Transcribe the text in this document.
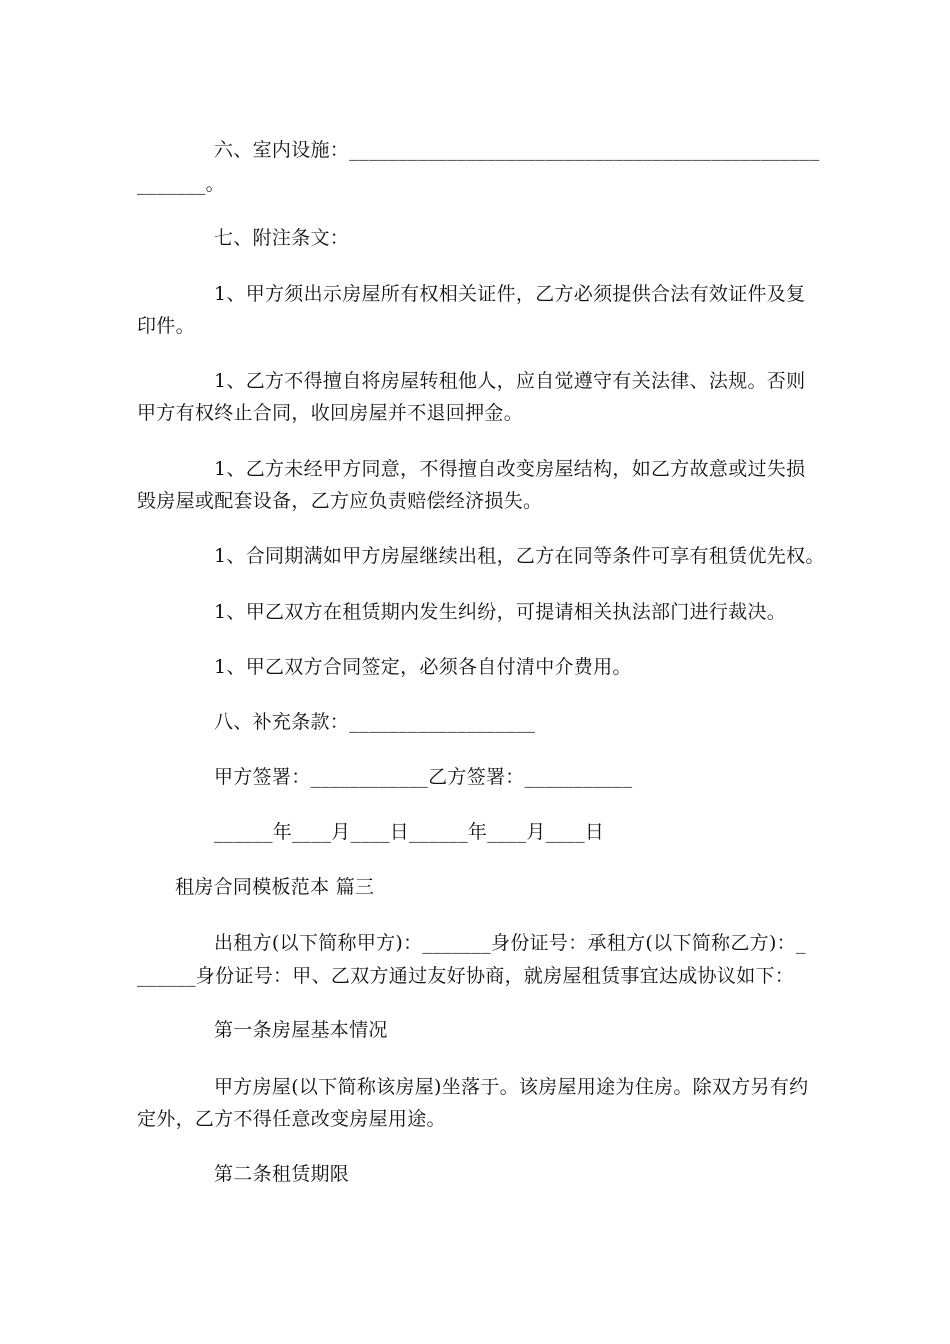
六、室内设施：________________________________________________
_______。
七、附注条文：
1、甲方须出示房屋所有权相关证件，乙方必须提供合法有效证件及复
印件。
1、乙方不得擅自将房屋转租他人，应自觉遵守有关法律、法规。否则
甲方有权终止合同，收回房屋并不退回押金。
1、乙方未经甲方同意，不得擅自改变房屋结构，如乙方故意或过失损
毁房屋或配套设备，乙方应负责赔偿经济损失。
1、合同期满如甲方房屋继续出租，乙方在同等条件可享有租赁优先权。
1、甲乙双方在租赁期内发生纠纷，可提请相关执法部门进行裁决。
1、甲乙双方合同签定，必须各自付清中介费用。
八、补充条款：___________________
甲方签署：____________乙方签署：___________
______年____月____日______年____月____日
租房合同模板范本 篇三
出租方(以下简称甲方)：_______身份证号：承租方(以下简称乙方)：_
______身份证号：甲、乙双方通过友好协商，就房屋租赁事宜达成协议如下：
第一条房屋基本情况
甲方房屋(以下简称该房屋)坐落于。该房屋用途为住房。除双方另有约
定外，乙方不得任意改变房屋用途。
第二条租赁期限
